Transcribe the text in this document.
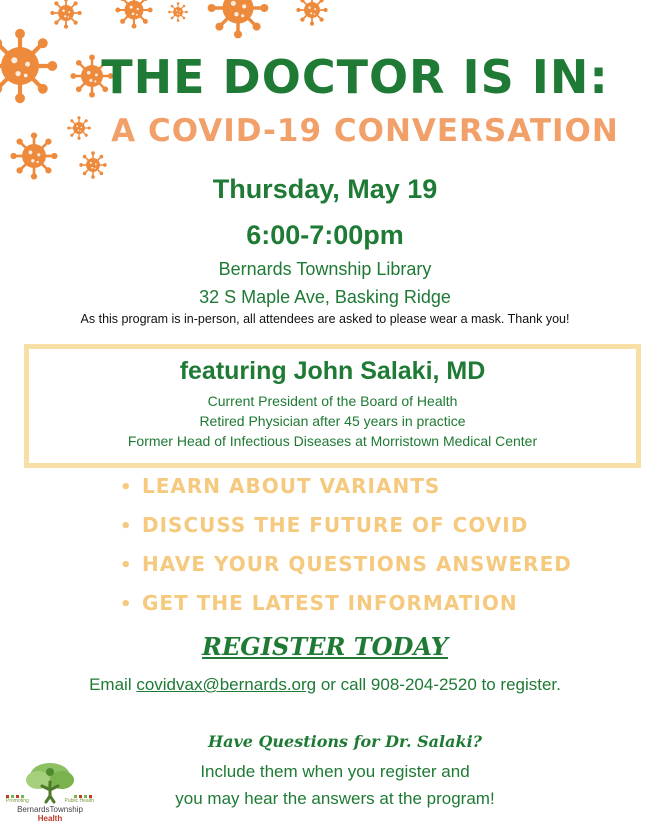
THE DOCTOR IS IN:
A COVID-19 CONVERSATION
Thursday, May 19
6:00-7:00pm
Bernards Township Library
32 S Maple Ave, Basking Ridge
As this program is in-person, all attendees are asked to please wear a mask. Thank you!
featuring John Salaki, MD
Current President of the Board of Health
Retired Physician after 45 years in practice
Former Head of Infectious Diseases at Morristown Medical Center
• LEARN ABOUT VARIANTS
• DISCUSS THE FUTURE OF COVID
• HAVE YOUR QUESTIONS ANSWERED
• GET THE LATEST INFORMATION
REGISTER TODAY
Email covidvax@bernards.org or call 908-204-2520 to register.
Have Questions for Dr. Salaki?
Include them when you register and
you may hear the answers at the program!
Promoting	Public Health
BernardsTownship
Health
